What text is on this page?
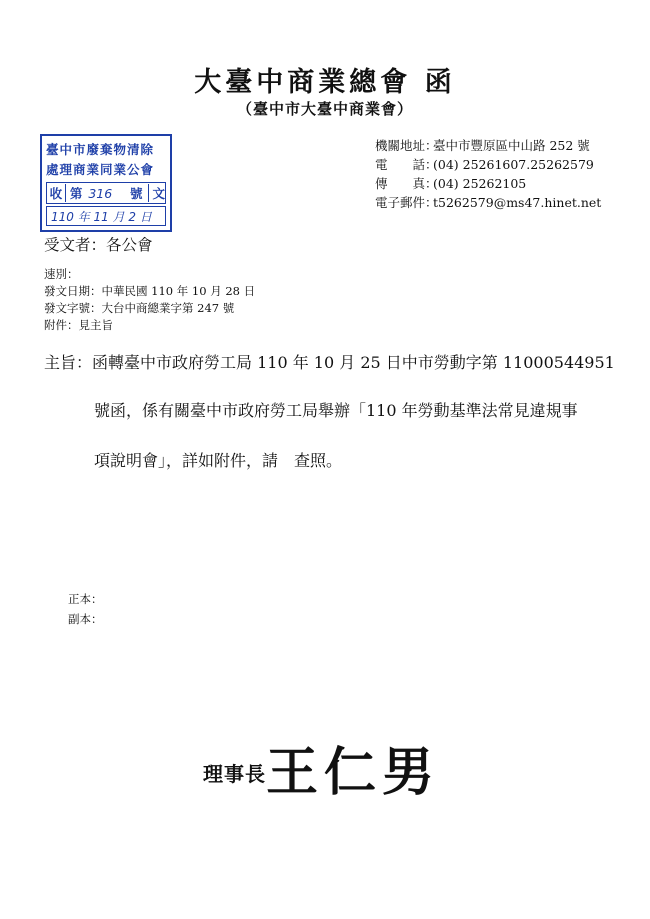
大臺中商業總會 函
（臺中市大臺中商業會）
臺中市廢棄物清除
處理商業同業公會
收 第 316	號 文
110 年 11 月 2 日
機關地址：
臺中市豐原區中山路 252 號
電　　話：
(04) 25261607.25262579
傳　　真：
(04) 25262105
電子郵件：
t5262579@ms47.hinet.net
受文者：各公會
速別：
發文日期：中華民國 110 年 10 月 28 日
發文字號：大台中商總業字第 247 號
附件：見主旨
主旨：函轉臺中市政府勞工局 110 年 10 月 25 日中市勞動字第 11000544951
號函，係有關臺中市政府勞工局舉辦「110 年勞動基準法常見違規事
項說明會」，詳如附件，請　查照。
正本：
副本：
理事長 王仁男
